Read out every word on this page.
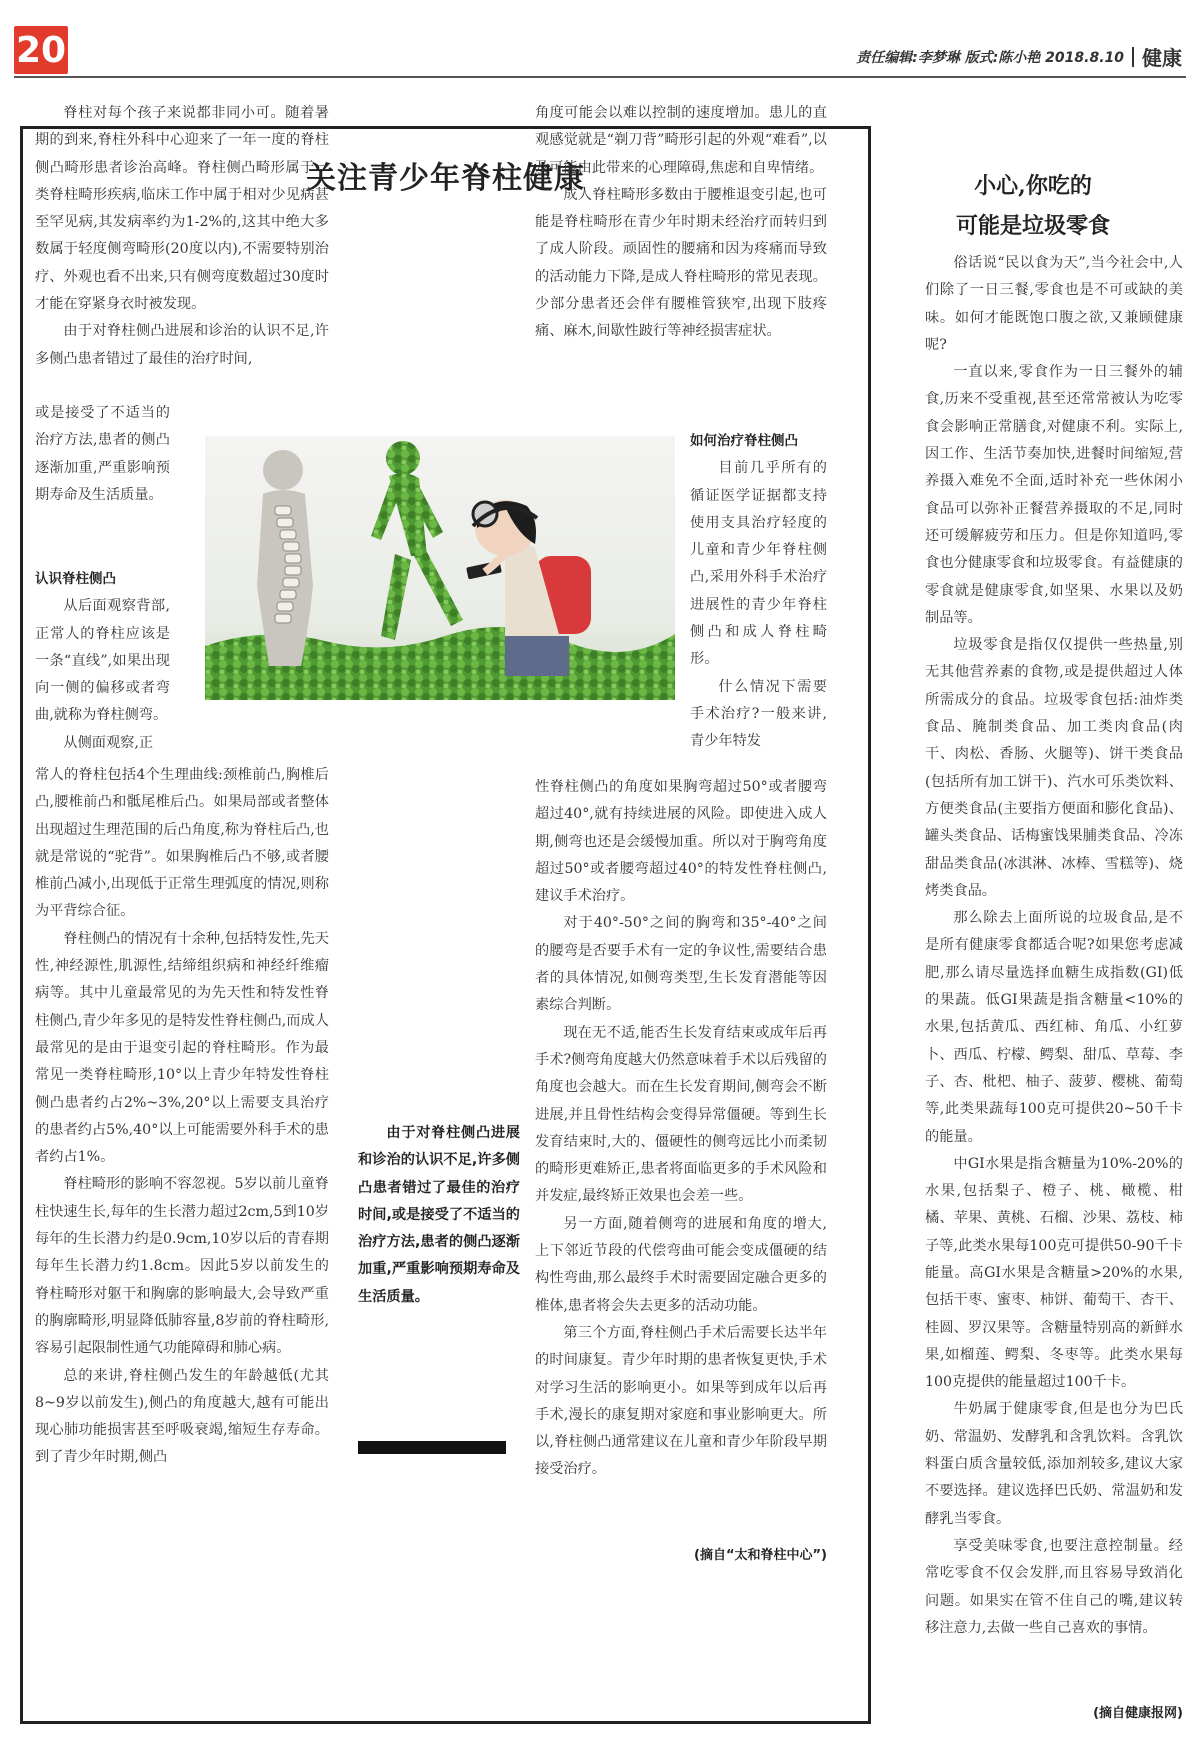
20	责任编辑:李梦琳 版式:陈小艳 2018.8.10 健康
关注青少年脊柱健康

脊柱对每个孩子来说都非同小可。随着暑期的到来,脊柱外科中心迎来了一年一度的脊柱侧凸畸形患者诊治高峰。脊柱侧凸畸形属于一类脊柱畸形疾病,临床工作中属于相对少见病甚至罕见病,其发病率约为1-2%的,这其中绝大多数属于轻度侧弯畸形(20度以内),不需要特别治疗、外观也看不出来,只有侧弯度数超过30度时才能在穿紧身衣时被发现。

由于对脊柱侧凸进展和诊治的认识不足,许多侧凸患者错过了最佳的治疗时间,

或是接受了不适当的治疗方法,患者的侧凸逐渐加重,严重影响预期寿命及生活质量。

认识脊柱侧凸

从后面观察背部,正常人的脊柱应该是一条“直线”,如果出现向一侧的偏移或者弯曲,就称为脊柱侧弯。

从侧面观察,正

常人的脊柱包括4个生理曲线:颈椎前凸,胸椎后凸,腰椎前凸和骶尾椎后凸。如果局部或者整体出现超过生理范围的后凸角度,称为脊柱后凸,也就是常说的“驼背”。如果胸椎后凸不够,或者腰椎前凸减小,出现低于正常生理弧度的情况,则称为平背综合征。

脊柱侧凸的情况有十余种,包括特发性,先天性,神经源性,肌源性,结缔组织病和神经纤维瘤病等。其中儿童最常见的为先天性和特发性脊柱侧凸,青少年多见的是特发性脊柱侧凸,而成人最常见的是由于退变引起的脊柱畸形。作为最常见一类脊柱畸形,10°以上青少年特发性脊柱侧凸患者约占2%~3%,20°以上需要支具治疗的患者约占5%,40°以上可能需要外科手术的患者约占1%。

脊柱畸形的影响不容忽视。5岁以前儿童脊柱快速生长,每年的生长潜力超过2cm,5到10岁每年的生长潜力约是0.9cm,10岁以后的青春期每年生长潜力约1.8cm。因此5岁以前发生的脊柱畸形对躯干和胸廓的影响最大,会导致严重的胸廓畸形,明显降低肺容量,8岁前的脊柱畸形,容易引起限制性通气功能障碍和肺心病。

总的来讲,脊柱侧凸发生的年龄越低(尤其8~9岁以前发生),侧凸的角度越大,越有可能出现心肺功能损害甚至呼吸衰竭,缩短生存寿命。到了青少年时期,侧凸

角度可能会以难以控制的速度增加。患儿的直观感觉就是“剃刀背”畸形引起的外观“难看”,以及可能由此带来的心理障碍,焦虑和自卑情绪。

成人脊柱畸形多数由于腰椎退变引起,也可能是脊柱畸形在青少年时期未经治疗而转归到了成人阶段。顽固性的腰痛和因为疼痛而导致的活动能力下降,是成人脊柱畸形的常见表现。少部分患者还会伴有腰椎管狭窄,出现下肢疼痛、麻木,间歇性跛行等神经损害症状。

如何治疗脊柱侧凸

目前几乎所有的循证医学证据都支持使用支具治疗轻度的儿童和青少年脊柱侧凸,采用外科手术治疗进展性的青少年脊柱侧凸和成人脊柱畸形。

什么情况下需要手术治疗?一般来讲,青少年特发

性脊柱侧凸的角度如果胸弯超过50°或者腰弯超过40°,就有持续进展的风险。即使进入成人期,侧弯也还是会缓慢加重。所以对于胸弯角度超过50°或者腰弯超过40°的特发性脊柱侧凸,建议手术治疗。

对于40°-50°之间的胸弯和35°-40°之间的腰弯是否要手术有一定的争议性,需要结合患者的具体情况,如侧弯类型,生长发育潜能等因素综合判断。

现在无不适,能否生长发育结束或成年后再手术?侧弯角度越大仍然意味着手术以后残留的角度也会越大。而在生长发育期间,侧弯会不断进展,并且骨性结构会变得异常僵硬。等到生长发育结束时,大的、僵硬性的侧弯远比小而柔韧的畸形更难矫正,患者将面临更多的手术风险和并发症,最终矫正效果也会差一些。

另一方面,随着侧弯的进展和角度的增大,上下邻近节段的代偿弯曲可能会变成僵硬的结构性弯曲,那么最终手术时需要固定融合更多的椎体,患者将会失去更多的活动功能。

第三个方面,脊柱侧凸手术后需要长达半年的时间康复。青少年时期的患者恢复更快,手术对学习生活的影响更小。如果等到成年以后再手术,漫长的康复期对家庭和事业影响更大。所以,脊柱侧凸通常建议在儿童和青少年阶段早期接受治疗。

(摘自“太和脊柱中心”)
由于对脊柱侧凸进展和诊治的认识不足,许多侧凸患者错过了最佳的治疗时间,或是接受了不适当的治疗方法,患者的侧凸逐渐加重,严重影响预期寿命及生活质量。
小心,你吃的
可能是垃圾零食

俗话说“民以食为天”,当今社会中,人们除了一日三餐,零食也是不可或缺的美味。如何才能既饱口腹之欲,又兼顾健康呢?

一直以来,零食作为一日三餐外的辅食,历来不受重视,甚至还常常被认为吃零食会影响正常膳食,对健康不利。实际上,因工作、生活节奏加快,进餐时间缩短,营养摄入难免不全面,适时补充一些休闲小食品可以弥补正餐营养摄取的不足,同时还可缓解疲劳和压力。但是你知道吗,零食也分健康零食和垃圾零食。有益健康的零食就是健康零食,如坚果、水果以及奶制品等。

垃圾零食是指仅仅提供一些热量,别无其他营养素的食物,或是提供超过人体所需成分的食品。垃圾零食包括:油炸类食品、腌制类食品、加工类肉食品(肉干、肉松、香肠、火腿等)、饼干类食品(包括所有加工饼干)、汽水可乐类饮料、方便类食品(主要指方便面和膨化食品)、罐头类食品、话梅蜜饯果脯类食品、冷冻甜品类食品(冰淇淋、冰棒、雪糕等)、烧烤类食品。

那么除去上面所说的垃圾食品,是不是所有健康零食都适合呢?如果您考虑减肥,那么请尽量选择血糖生成指数(GI)低的果蔬。低GI果蔬是指含糖量<10%的水果,包括黄瓜、西红柿、角瓜、小红萝卜、西瓜、柠檬、鳄梨、甜瓜、草莓、李子、杏、枇杷、柚子、菠萝、樱桃、葡萄等,此类果蔬每100克可提供20~50千卡的能量。

中GI水果是指含糖量为10%-20%的水果,包括梨子、橙子、桃、橄榄、柑橘、苹果、黄桃、石榴、沙果、荔枝、柿子等,此类水果每100克可提供50-90千卡能量。高GI水果是含糖量>20%的水果,包括干枣、蜜枣、柿饼、葡萄干、杏干、桂圆、罗汉果等。含糖量特别高的新鲜水果,如榴莲、鳄梨、冬枣等。此类水果每100克提供的能量超过100千卡。

牛奶属于健康零食,但是也分为巴氏奶、常温奶、发酵乳和含乳饮料。含乳饮料蛋白质含量较低,添加剂较多,建议大家不要选择。建议选择巴氏奶、常温奶和发酵乳当零食。

享受美味零食,也要注意控制量。经常吃零食不仅会发胖,而且容易导致消化问题。如果实在管不住自己的嘴,建议转移注意力,去做一些自己喜欢的事情。

(摘自健康报网)
